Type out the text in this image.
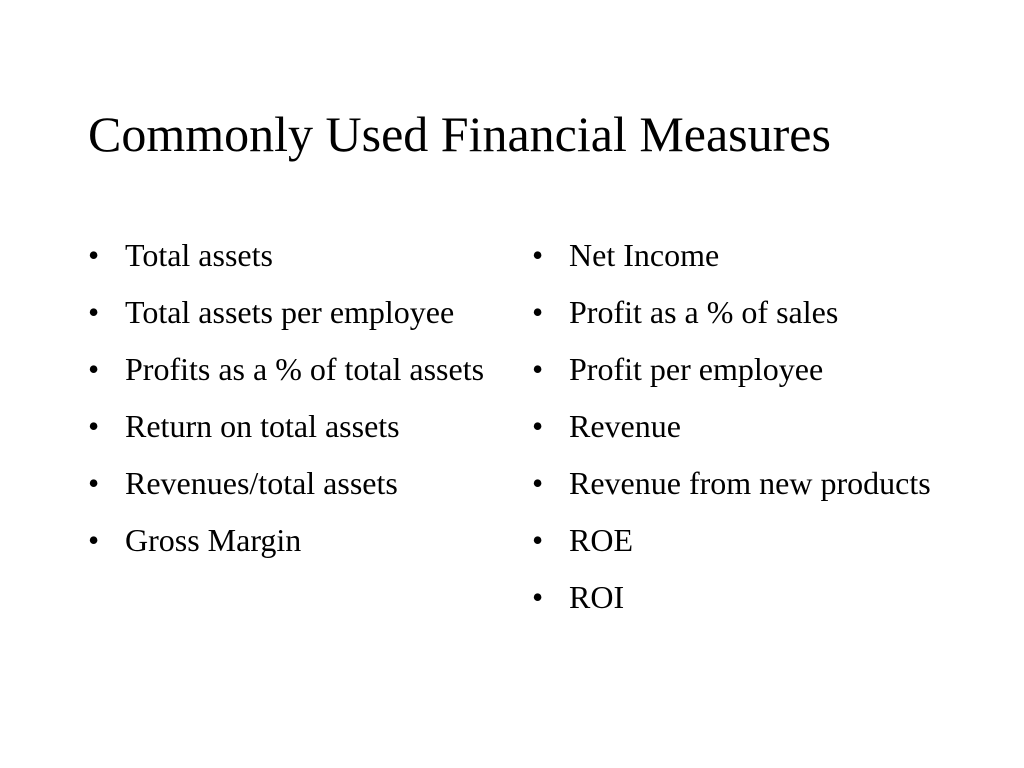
Commonly Used Financial Measures
• Total assets
• Total assets per employee
• Profits as a % of total assets
• Return on total assets
• Revenues/total assets
• Gross Margin
• Net Income
• Profit as a % of sales
• Profit per employee
• Revenue
• Revenue from new products
• ROE
• ROI
